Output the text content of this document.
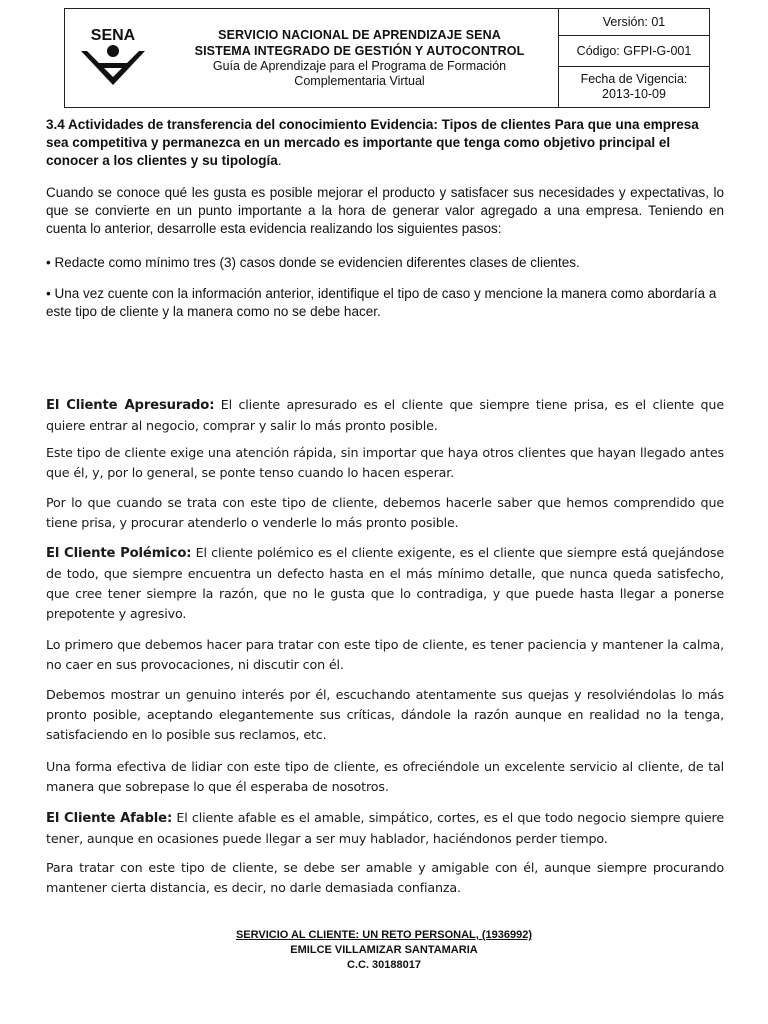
SENA	SERVICIO NACIONAL DE APRENDIZAJE SENA
SISTEMA INTEGRADO DE GESTIÓN Y AUTOCONTROL
Guía de Aprendizaje para el Programa de Formación
Complementaria Virtual
Versión: 01
Código: GFPI-G-001
Fecha de Vigencia:
2013-10-09
3.4 Actividades de transferencia del conocimiento Evidencia: Tipos de clientes Para que una empresa sea competitiva y permanezca en un mercado es importante que tenga como objetivo principal el conocer a los clientes y su tipología.
Cuando se conoce qué les gusta es posible mejorar el producto y satisfacer sus necesidades y expectativas, lo que se convierte en un punto importante a la hora de generar valor agregado a una empresa. Teniendo en cuenta lo anterior, desarrolle esta evidencia realizando los siguientes pasos:
• Redacte como mínimo tres (3) casos donde se evidencien diferentes clases de clientes.
• Una vez cuente con la información anterior, identifique el tipo de caso y mencione la manera como abordaría a este tipo de cliente y la manera como no se debe hacer.
El Cliente Apresurado: El cliente apresurado es el cliente que siempre tiene prisa, es el cliente que quiere entrar al negocio, comprar y salir lo más pronto posible.
Este tipo de cliente exige una atención rápida, sin importar que haya otros clientes que hayan llegado antes que él, y, por lo general, se ponte tenso cuando lo hacen esperar.
Por lo que cuando se trata con este tipo de cliente, debemos hacerle saber que hemos comprendido que tiene prisa, y procurar atenderlo o venderle lo más pronto posible.
El Cliente Polémico: El cliente polémico es el cliente exigente, es el cliente que siempre está quejándose de todo, que siempre encuentra un defecto hasta en el más mínimo detalle, que nunca queda satisfecho, que cree tener siempre la razón, que no le gusta que lo contradiga, y que puede hasta llegar a ponerse prepotente y agresivo.
Lo primero que debemos hacer para tratar con este tipo de cliente, es tener paciencia y mantener la calma, no caer en sus provocaciones, ni discutir con él.
Debemos mostrar un genuino interés por él, escuchando atentamente sus quejas y resolviéndolas lo más pronto posible, aceptando elegantemente sus críticas, dándole la razón aunque en realidad no la tenga, satisfaciendo en lo posible sus reclamos, etc.
Una forma efectiva de lidiar con este tipo de cliente, es ofreciéndole un excelente servicio al cliente, de tal manera que sobrepase lo que él esperaba de nosotros.
El Cliente Afable: El cliente afable es el amable, simpático, cortes, es el que todo negocio siempre quiere tener, aunque en ocasiones puede llegar a ser muy hablador, haciéndonos perder tiempo.
Para tratar con este tipo de cliente, se debe ser amable y amigable con él, aunque siempre procurando mantener cierta distancia, es decir, no darle demasiada confianza.
SERVICIO AL CLIENTE: UN RETO PERSONAL, (1936992)
EMILCE VILLAMIZAR SANTAMARIA
C.C. 30188017
